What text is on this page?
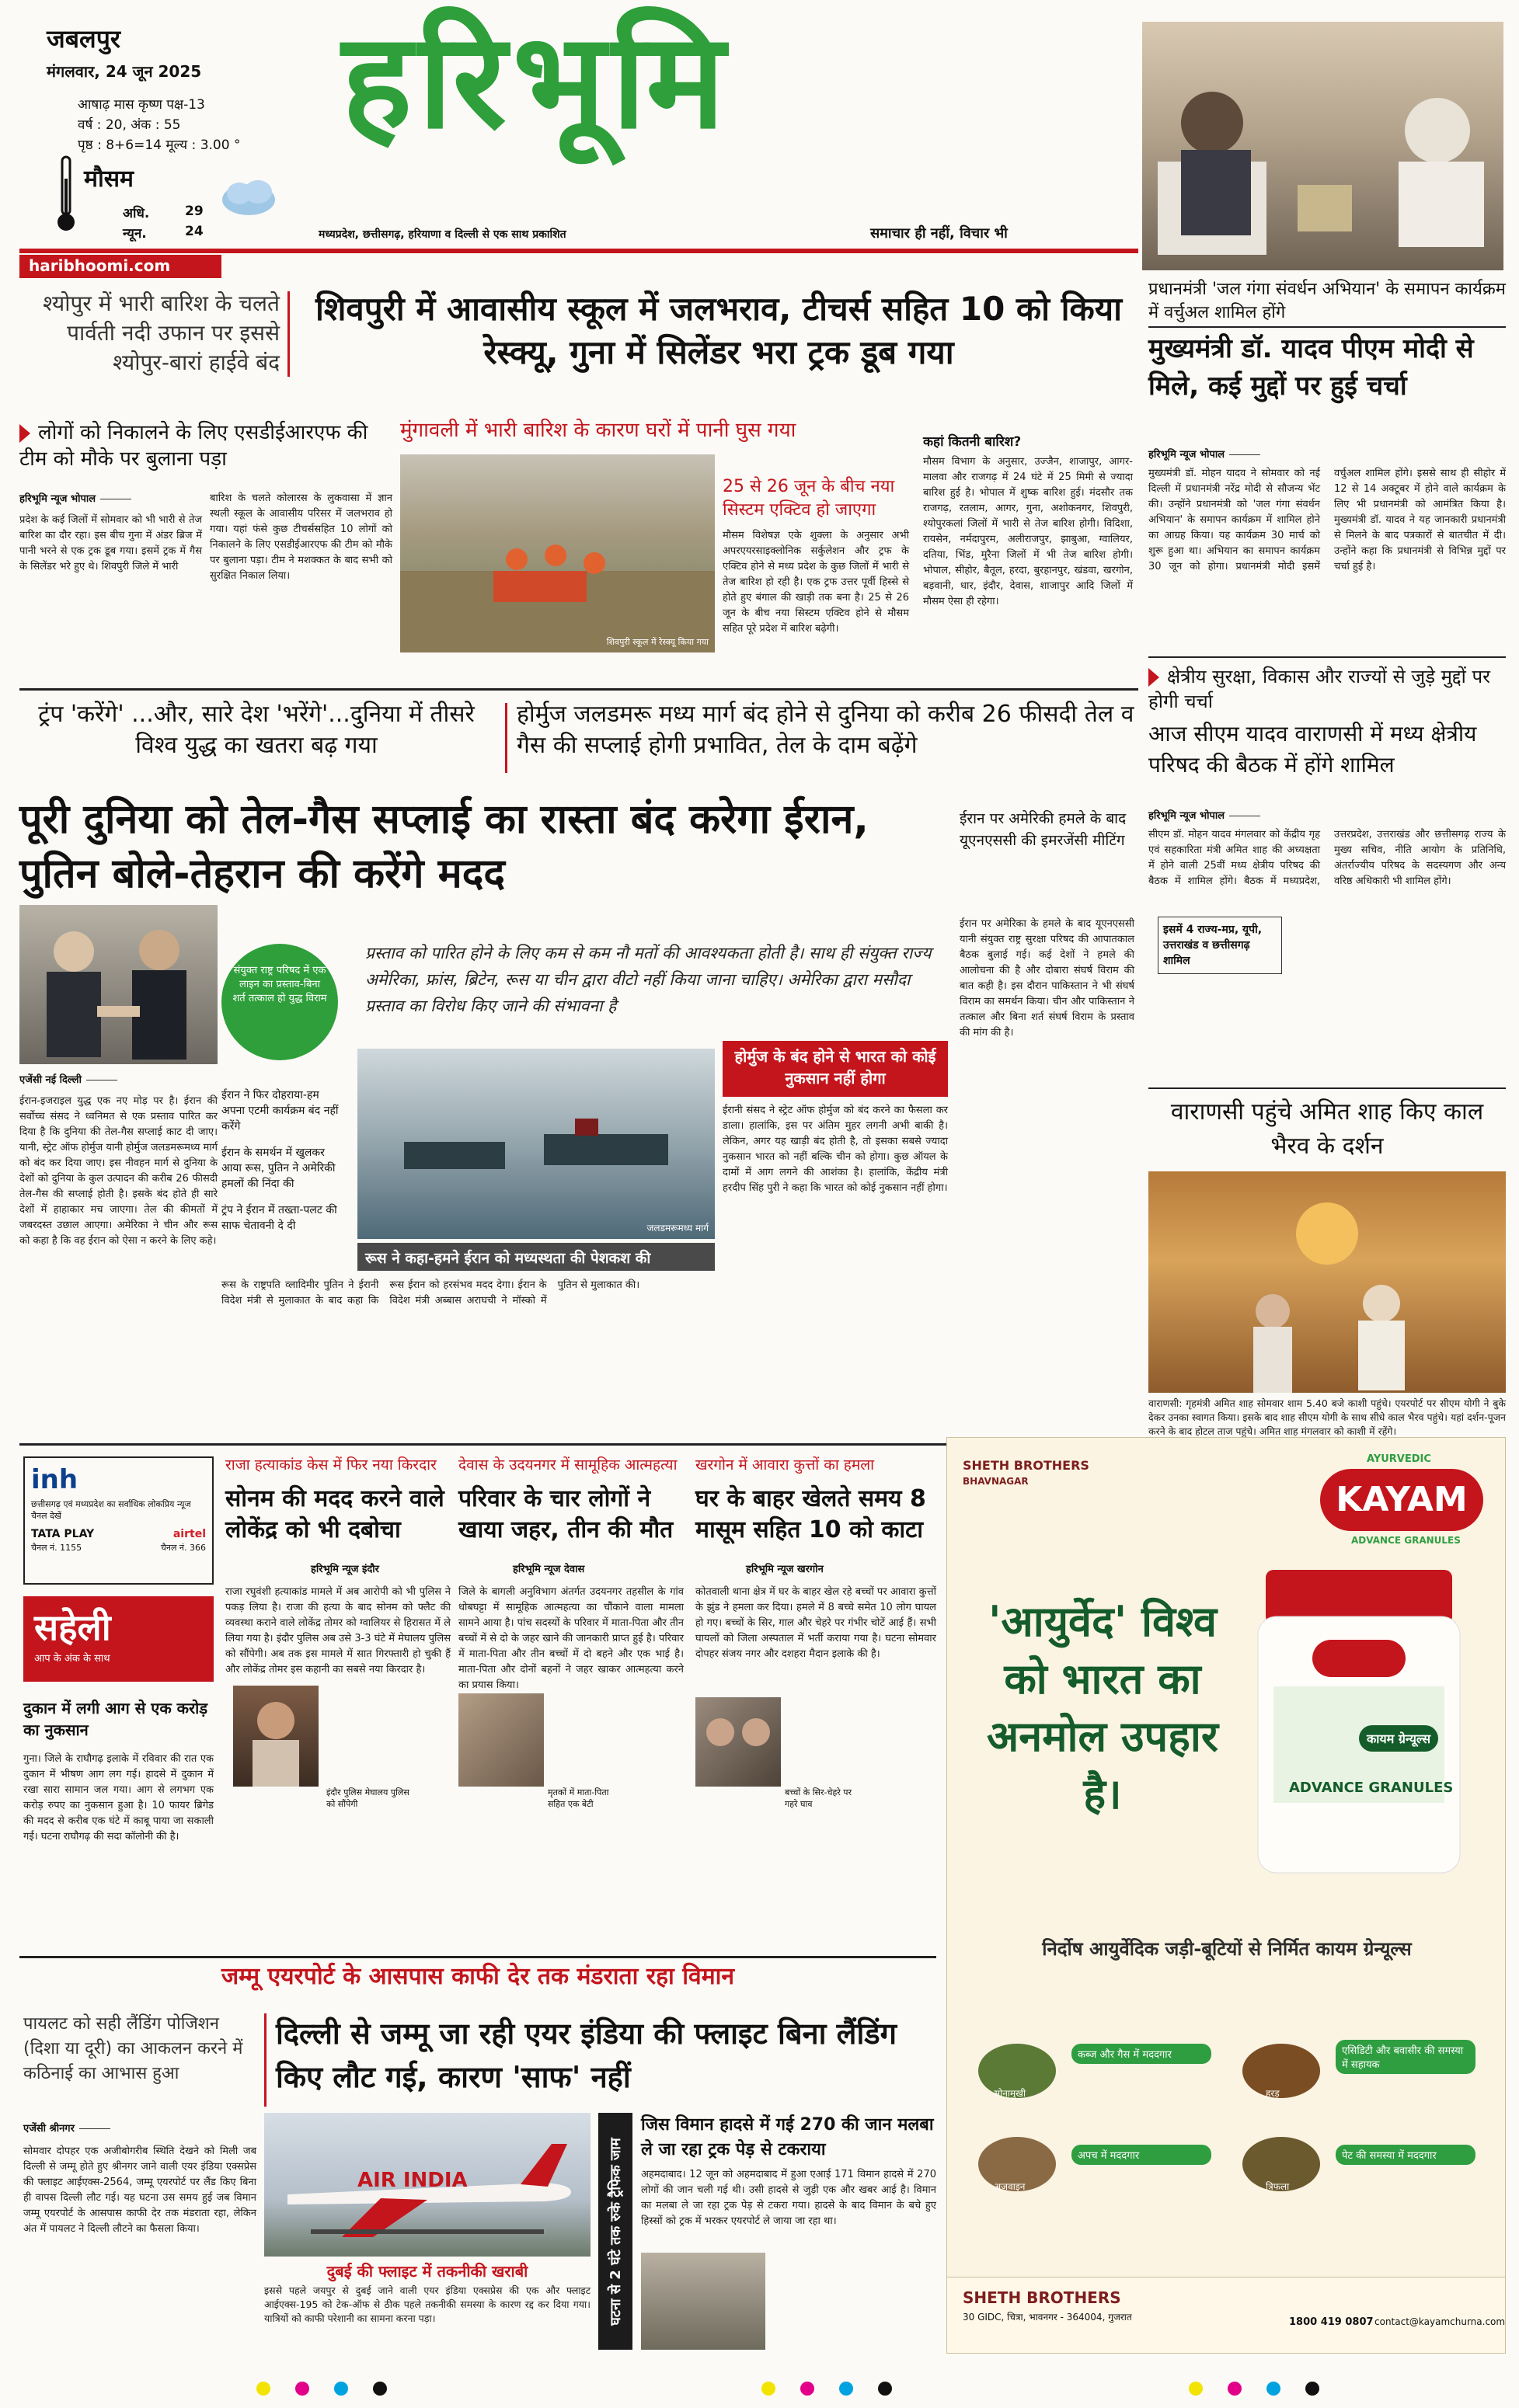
जबलपुर
मंगलवार, 24 जून 2025
आषाढ़ मास कृष्ण पक्ष-13
वर्ष : 20, अंक : 55
पृष्ठ : 8+6=14 मूल्य : 3.00 °
मौसम
अधि.	29
न्यून.	24
हरिभूमि
मध्यप्रदेश, छत्तीसगढ़, हरियाणा व दिल्ली से एक साथ प्रकाशित	समाचार ही नहीं, विचार भी
haribhoomi.com
श्योपुर में भारी बारिश के चलते पार्वती नदी उफान पर इससे श्योपुर-बारां हाईवे बंद
शिवपुरी में आवासीय स्कूल में जलभराव, टीचर्स सहित 10 को किया रेस्क्यू, गुना में सिलेंडर भरा ट्रक डूब गया
लोगों को निकालने के लिए एसडीईआरएफ की टीम को मौके पर बुलाना पड़ा
हरिभूमि न्यूज भोपाल
प्रदेश के कई जिलों में सोमवार को भी भारी से तेज बारिश का दौर रहा। इस बीच गुना में अंडर ब्रिज में पानी भरने से एक ट्रक डूब गया। इसमें ट्रक में गैस के सिलेंडर भरे हुए थे। शिवपुरी जिले में भारी
बारिश के चलते कोलारस के लुकवासा में ज्ञान स्थली स्कूल के आवासीय परिसर में जलभराव हो गया। यहां फंसे कुछ टीचर्ससहित 10 लोगों को निकालने के लिए एसडीईआरएफ की टीम को मौके पर बुलाना पड़ा। टीम ने मशक्कत के बाद सभी को सुरक्षित निकाल लिया।
मुंगावली में भारी बारिश के कारण घरों में पानी घुस गया
शिवपुरी स्कूल में रेस्क्यू किया गया
25 से 26 जून के बीच नया सिस्टम एक्टिव हो जाएगा
मौसम विशेषज्ञ एके शुक्ला के अनुसार अभी अपरएयरसाइक्लोनिक सर्कुलेशन और ट्रफ के एक्टिव होने से मध्य प्रदेश के कुछ जिलों में भारी से तेज बारिश हो रही है। एक ट्रफ उत्तर पूर्वी हिस्से से होते हुए बंगाल की खाड़ी तक बना है। 25 से 26 जून के बीच नया सिस्टम एक्टिव होने से मौसम सहित पूरे प्रदेश में बारिश बढ़ेगी।
कहां कितनी बारिश?
मौसम विभाग के अनुसार, उज्जैन, शाजापुर, आगर-मालवा और राजगढ़ में 24 घंटे में 25 मिमी से ज्यादा बारिश हुई है। भोपाल में शुष्क बारिश हुई। मंदसौर तक राजगढ़, रतलाम, आगर, गुना, अशोकनगर, शिवपुरी, श्योपुरकलां जिलों में भारी से तेज बारिश होगी। विदिशा, रायसेन, नर्मदापुरम, अलीराजपुर, झाबुआ, ग्वालियर, दतिया, भिंड, मुरैना जिलों में भी तेज बारिश होगी। भोपाल, सीहोर, बैतूल, हरदा, बुरहानपुर, खंडवा, खरगोन, बड़वानी, धार, इंदौर, देवास, शाजापुर आदि जिलों में मौसम ऐसा ही रहेगा।
प्रधानमंत्री 'जल गंगा संवर्धन अभियान' के समापन कार्यक्रम में वर्चुअल शामिल होंगे
मुख्यमंत्री डॉ. यादव पीएम मोदी से मिले, कई मुद्दों पर हुई चर्चा
हरिभूमि न्यूज भोपाल
मुख्यमंत्री डॉ. मोहन यादव ने सोमवार को नई दिल्ली में प्रधानमंत्री नरेंद्र मोदी से सौजन्य भेंट की। उन्होंने प्रधानमंत्री को 'जल गंगा संवर्धन अभियान' के समापन कार्यक्रम में शामिल होने का आग्रह किया। यह कार्यक्रम 30 मार्च को शुरू हुआ था। अभियान का समापन कार्यक्रम 30 जून को होगा। प्रधानमंत्री मोदी इसमें वर्चुअल शामिल होंगे। इससे साथ ही सीहोर में 12 से 14 अक्टूबर में होने वाले कार्यक्रम के लिए भी प्रधानमंत्री को आमंत्रित किया है। मुख्यमंत्री डॉ. यादव ने यह जानकारी प्रधानमंत्री से मिलने के बाद पत्रकारों से बातचीत में दी। उन्होंने कहा कि प्रधानमंत्री से विभिन्न मुद्दों पर चर्चा हुई है।
ट्रंप 'करेंगे' ...और, सारे देश 'भरेंगे'...दुनिया में तीसरे विश्व युद्ध का खतरा बढ़ गया
होर्मुज जलडमरू मध्य मार्ग बंद होने से दुनिया को करीब 26 फीसदी तेल व गैस की सप्लाई होगी प्रभावित, तेल के दाम बढ़ेंगे
पूरी दुनिया को तेल-गैस सप्लाई का रास्ता बंद करेगा ईरान, पुतिन बोले-तेहरान की करेंगे मदद
एजेंसी नई दिल्ली
ईरान-इजराइल युद्ध एक नए मोड़ पर है। ईरान की सर्वोच्च संसद ने ध्वनिमत से एक प्रस्ताव पारित कर दिया है कि दुनिया की तेल-गैस सप्लाई काट दी जाए। यानी, स्ट्रेट ऑफ होर्मुज यानी होर्मुज जलडमरूमध्य मार्ग को बंद कर दिया जाए। इस नीवहन मार्ग से दुनिया के देशों को दुनिया के कुल उत्पादन की करीब 26 फीसदी तेल-गैस की सप्लाई होती है। इसके बंद होते ही सारे देशों में हाहाकार मच जाएगा। तेल की कीमतों में जबरदस्त उछाल आएगा। अमेरिका ने चीन और रूस को कहा है कि वह ईरान को ऐसा न करने के लिए कहे।
संयुक्त राष्ट्र परिषद में एक लाइन का प्रस्ताव-बिना शर्त तत्काल हो युद्ध विराम
प्रस्ताव को पारित होने के लिए कम से कम नौ मतों की आवश्यकता होती है। साथ ही संयुक्त राज्य अमेरिका, फ्रांस, ब्रिटेन, रूस या चीन द्वारा वीटो नहीं किया जाना चाहिए। अमेरिका द्वारा मसौदा प्रस्ताव का विरोध किए जाने की संभावना है
ईरान ने फिर दोहराया-हम अपना एटमी कार्यक्रम बंद नहीं करेंगे
ईरान के समर्थन में खुलकर आया रूस, पुतिन ने अमेरिकी हमलों की निंदा की
ट्रंप ने ईरान में तख्ता-पलट की साफ चेतावनी दे दी	जलडमरूमध्य मार्ग
रूस ने कहा-हमने ईरान को मध्यस्थता की पेशकश की
रूस के राष्ट्रपति व्लादिमीर पुतिन ने ईरानी विदेश मंत्री से मुलाकात के बाद कहा कि रूस ईरान को हरसंभव मदद देगा। ईरान के विदेश मंत्री अब्बास अराघची ने मॉस्को में पुतिन से मुलाकात की।
होर्मुज के बंद होने से भारत को कोई नुकसान नहीं होगा
ईरानी संसद ने स्ट्रेट ऑफ होर्मुज को बंद करने का फैसला कर डाला। हालांकि, इस पर अंतिम मुहर लगनी अभी बाकी है। लेकिन, अगर यह खाड़ी बंद होती है, तो इसका सबसे ज्यादा नुकसान भारत को नहीं बल्कि चीन को होगा। कुछ ऑयल के दामों में आग लगने की आशंका है। हालांकि, केंद्रीय मंत्री हरदीप सिंह पुरी ने कहा कि भारत को कोई नुकसान नहीं होगा।
ईरान पर अमेरिकी हमले के बाद यूएनएससी की इमरजेंसी मीटिंग
ईरान पर अमेरिका के हमले के बाद यूएनएससी यानी संयुक्त राष्ट्र सुरक्षा परिषद की आपातकाल बैठक बुलाई गई। कई देशों ने हमले की आलोचना की है और दोबारा संघर्ष विराम की बात कही है। इस दौरान पाकिस्तान ने भी संघर्ष विराम का समर्थन किया। चीन और पाकिस्तान ने तत्काल और बिना शर्त संघर्ष विराम के प्रस्ताव की मांग की है।
क्षेत्रीय सुरक्षा, विकास और राज्यों से जुड़े मुद्दों पर होगी चर्चा
आज सीएम यादव वाराणसी में मध्य क्षेत्रीय परिषद की बैठक में होंगे शामिल
हरिभूमि न्यूज भोपाल
सीएम डॉ. मोहन यादव मंगलवार को केंद्रीय गृह एवं सहकारिता मंत्री अमित शाह की अध्यक्षता में होने वाली 25वीं मध्य क्षेत्रीय परिषद की बैठक में शामिल होंगे। बैठक में मध्यप्रदेश, उत्तरप्रदेश, उत्तराखंड और छत्तीसगढ़ राज्य के मुख्य सचिव, नीति आयोग के प्रतिनिधि, अंतर्राज्यीय परिषद के सदस्यगण और अन्य वरिष्ठ अधिकारी भी शामिल होंगे।
इसमें 4 राज्य-मप्र, यूपी, उत्तराखंड व छत्तीसगढ़ शामिल
वाराणसी पहुंचे अमित शाह किए काल भैरव के दर्शन
वाराणसी: गृहमंत्री अमित शाह सोमवार शाम 5.40 बजे काशी पहुंचे। एयरपोर्ट पर सीएम योगी ने बुके देकर उनका स्वागत किया। इसके बाद शाह सीएम योगी के साथ सीधे काल भैरव पहुंचे। यहां दर्शन-पूजन करने के बाद होटल ताज पहुंचे। अमित शाह मंगलवार को काशी में रहेंगे।
inh
छत्तीसगढ़ एवं मध्यप्रदेश का सर्वाधिक लोकप्रिय न्यूज चैनल देखें
TATA PLAY	airtel
चैनल नं. 1155	चैनल नं. 366
सहेली
आप के अंक के साथ
दुकान में लगी आग से एक करोड़ का नुकसान
गुना। जिले के राघौगढ़ इलाके में रविवार की रात एक दुकान में भीषण आग लग गई। हादसे में दुकान में रखा सारा सामान जल गया। आग से लगभग एक करोड़ रुपए का नुकसान हुआ है। 10 फायर ब्रिगेड की मदद से करीब एक घंटे में काबू पाया जा सकाली गई। घटना राघौगढ़ की सदा कॉलोनी की है।
राजा हत्याकांड केस में फिर नया किरदार
सोनम की मदद करने वाले लोकेंद्र को भी दबोचा
हरिभूमि न्यूज इंदौर
राजा रघुवंशी हत्याकांड मामले में अब आरोपी को भी पुलिस ने पकड़ लिया है। राजा की हत्या के बाद सोनम को फ्लैट की व्यवस्था कराने वाले लोकेंद्र तोमर को ग्वालियर से हिरासत में ले लिया गया है। इंदौर पुलिस अब उसे 3-3 घंटे में मेघालय पुलिस को सौंपेगी। अब तक इस मामले में सात गिरफ्तारी हो चुकी हैं और लोकेंद्र तोमर इस कहानी का सबसे नया किरदार है।
इंदौर पुलिस मेघालय पुलिस को सौंपेगी
देवास के उदयनगर में सामूहिक आत्महत्या
परिवार के चार लोगों ने खाया जहर, तीन की मौत
हरिभूमि न्यूज देवास
जिले के बागली अनुविभाग अंतर्गत उदयनगर तहसील के गांव धोबघट्टा में सामूहिक आत्महत्या का चौंकाने वाला मामला सामने आया है। पांच सदस्यों के परिवार में माता-पिता और तीन बच्चों में से दो के जहर खाने की जानकारी प्राप्त हुई है। परिवार में माता-पिता और तीन बच्चों में दो बहने और एक भाई है। माता-पिता और दोनों बहनों ने जहर खाकर आत्महत्या करने का प्रयास किया।
मृतकों में माता-पिता सहित एक बेटी
खरगोन में आवारा कुत्तों का हमला
घर के बाहर खेलते समय 8 मासूम सहित 10 को काटा
हरिभूमि न्यूज खरगोन
कोतवाली थाना क्षेत्र में घर के बाहर खेल रहे बच्चों पर आवारा कुत्तों के झुंड ने हमला कर दिया। हमले में 8 बच्चे समेत 10 लोग घायल हो गए। बच्चों के सिर, गाल और चेहरे पर गंभीर चोटें आई हैं। सभी घायलों को जिला अस्पताल में भर्ती कराया गया है। घटना सोमवार दोपहर संजय नगर और दशहरा मैदान इलाके की है।
बच्चों के सिर-चेहरे पर गहरे घाव
SHETH BROTHERS
BHAVNAGAR
AYURVEDIC
KAYAM
ADVANCE GRANULES
'आयुर्वेद' विश्व को भारत का अनमोल उपहार है।
कायम ग्रेन्यूल्स
ADVANCE GRANULES
निर्दोष आयुर्वेदिक जड़ी-बूटियों से निर्मित कायम ग्रेन्यूल्स
सोनामुखी
कब्ज और गैस में मददगार
हरड़
एसिडिटी और बवासीर की समस्या में सहायक
अजवाइन
अपच में मददगार
त्रिफला
पेट की समस्या में मददगार
SHETH BROTHERS
30 GIDC, चित्रा, भावनगर - 364004, गुजरात	1800 419 0807 contact@kayamchurna.com
जम्मू एयरपोर्ट के आसपास काफी देर तक मंडराता रहा विमान
पायलट को सही लैंडिंग पोजिशन (दिशा या दूरी) का आकलन करने में कठिनाई का आभास हुआ
दिल्ली से जम्मू जा रही एयर इंडिया की फ्लाइट बिना लैंडिंग किए लौट गई, कारण 'साफ' नहीं
एजेंसी श्रीनगर
सोमवार दोपहर एक अजीबोगरीब स्थिति देखने को मिली जब दिल्ली से जम्मू होते हुए श्रीनगर जाने वाली एयर इंडिया एक्सप्रेस की फ्लाइट आईएक्स-2564, जम्मू एयरपोर्ट पर लैंड किए बिना ही वापस दिल्ली लौट गई। यह घटना उस समय हुई जब विमान जम्मू एयरपोर्ट के आसपास काफी देर तक मंडराता रहा, लेकिन अंत में पायलट ने दिल्ली लौटने का फैसला किया।
AIR INDIA
दुबई की फ्लाइट में तकनीकी खराबी
इससे पहले जयपुर से दुबई जाने वाली एयर इंडिया एक्सप्रेस की एक और फ्लाइट आईएक्स-195 को टेक-ऑफ से ठीक पहले तकनीकी समस्या के कारण रद्द कर दिया गया। यात्रियों को काफी परेशानी का सामना करना पड़ा।	घटना से 2 घंटे तक रुके ट्रैफिक जाम
जिस विमान हादसे में गई 270 की जान मलबा ले जा रहा ट्रक पेड़ से टकराया
अहमदाबाद। 12 जून को अहमदाबाद में हुआ एआई 171 विमान हादसे में 270 लोगों की जान चली गई थी। उसी हादसे से जुड़ी एक और खबर आई है। विमान का मलबा ले जा रहा ट्रक पेड़ से टकरा गया। हादसे के बाद विमान के बचे हुए हिस्सों को ट्रक में भरकर एयरपोर्ट ले जाया जा रहा था।
